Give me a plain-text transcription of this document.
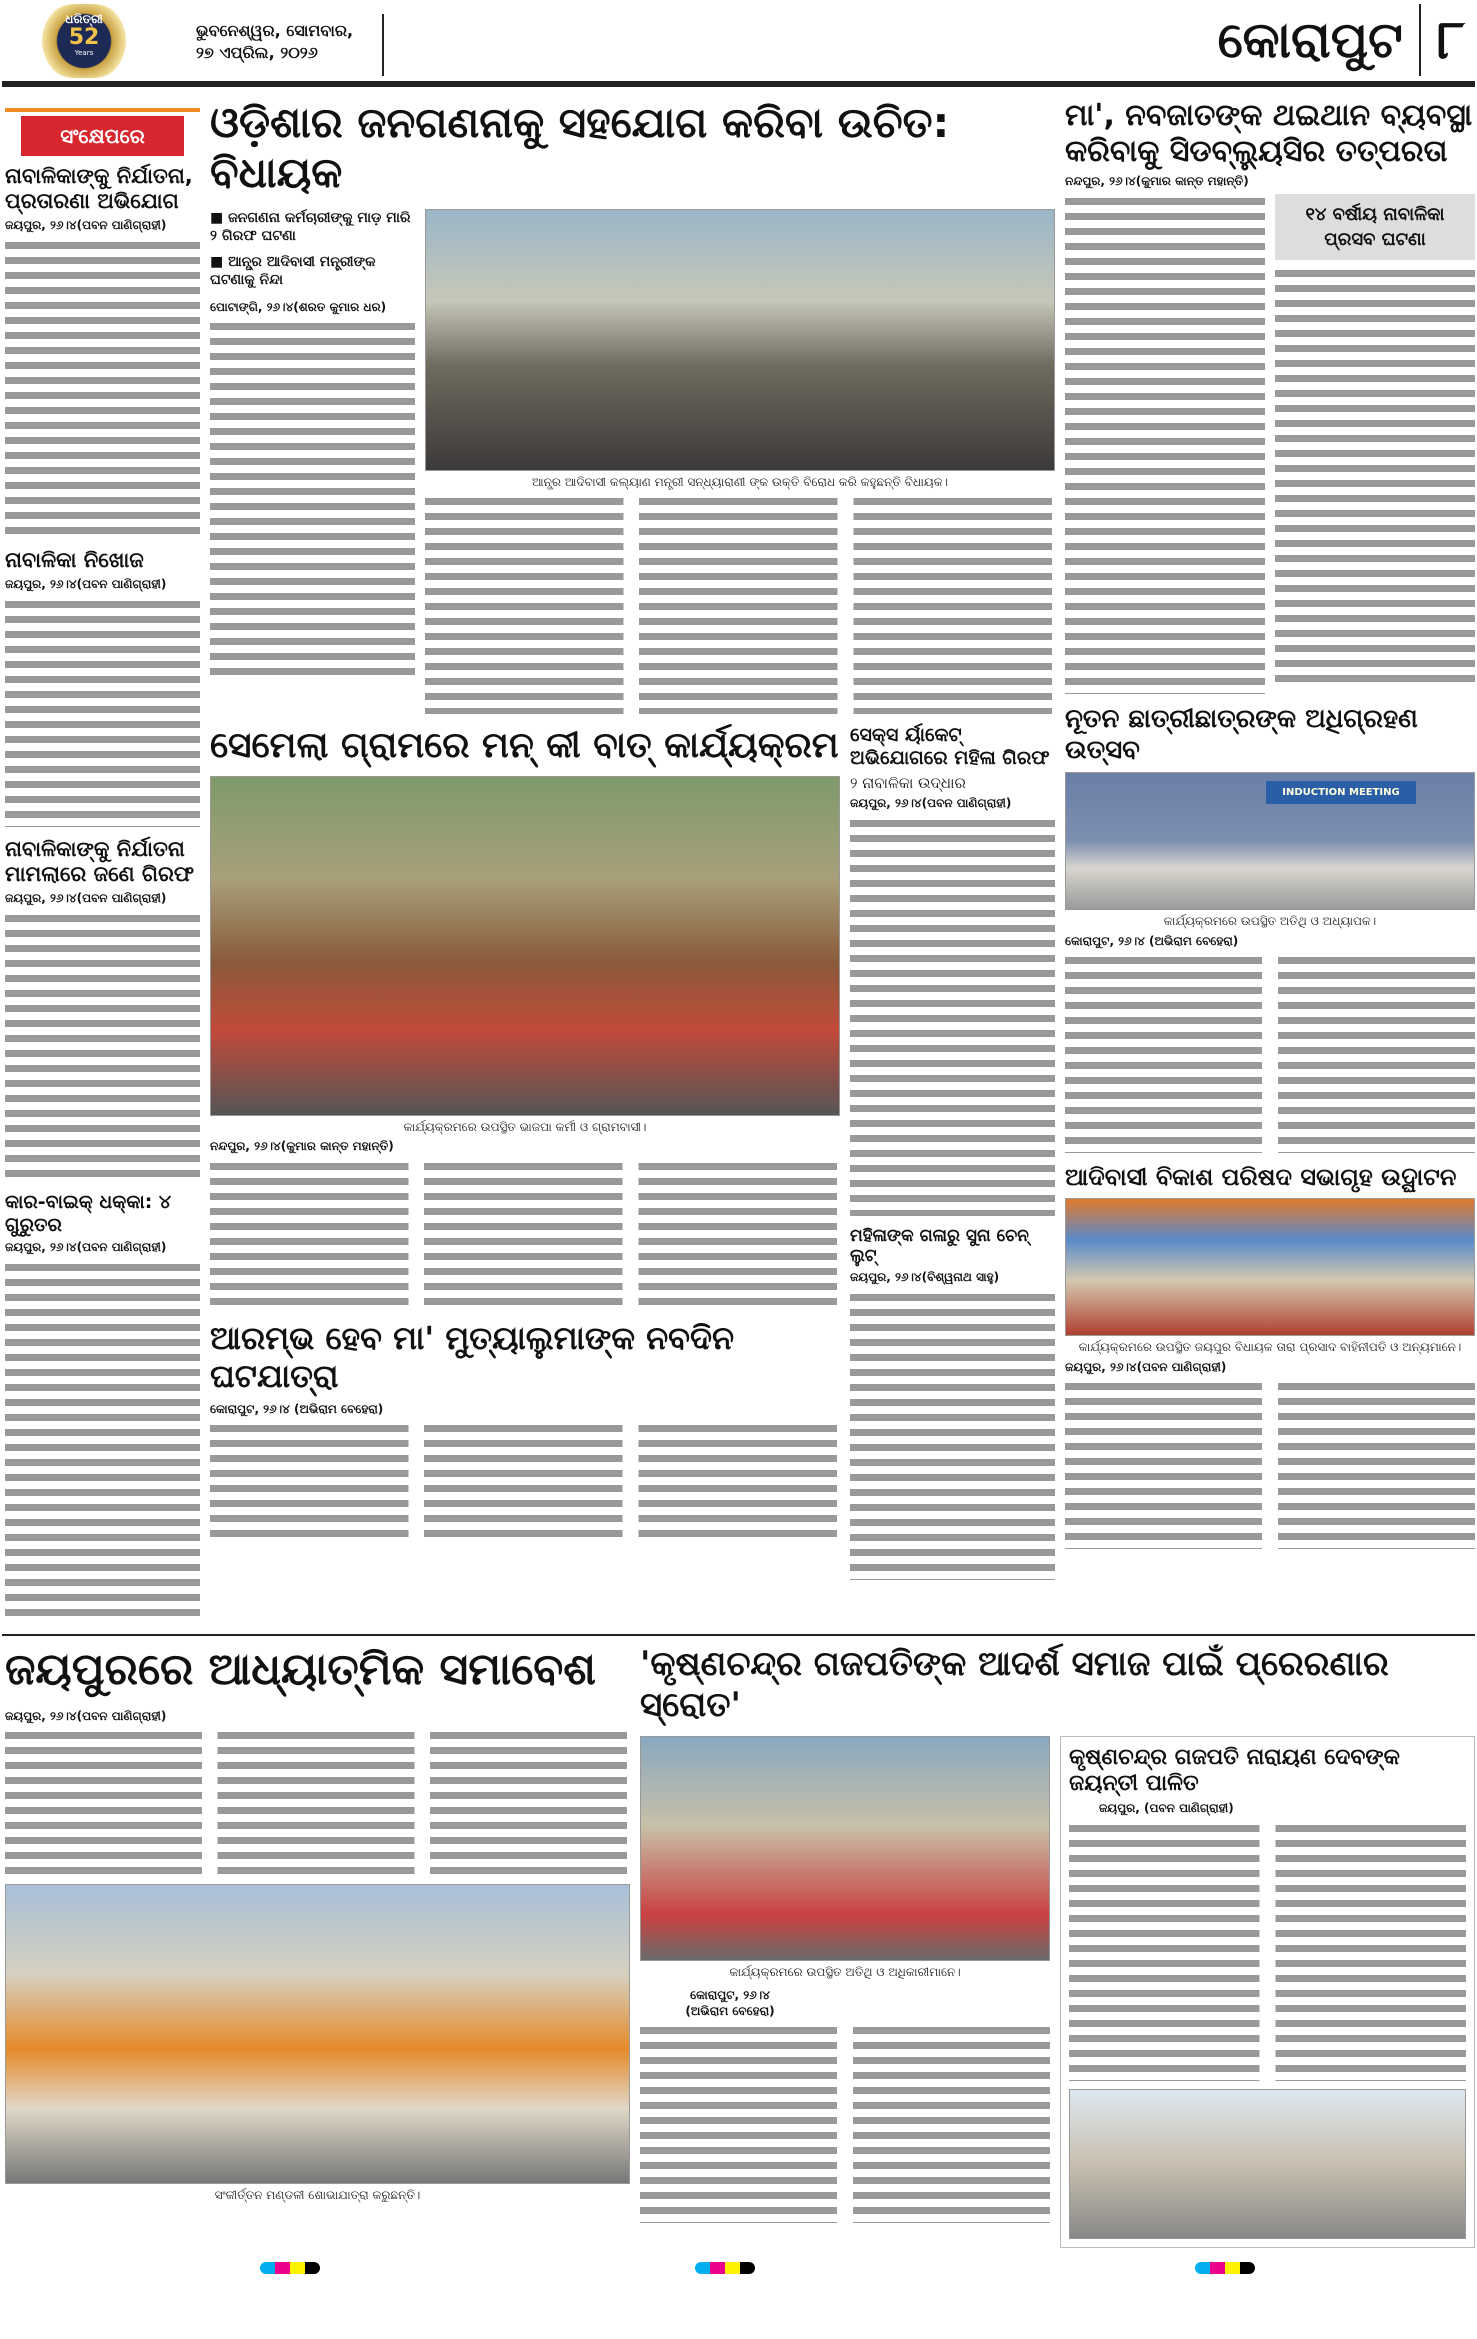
ଧରିତ୍ରୀ
52
Years
ଭୁବନେଶ୍ୱର, ସୋମବାର,
୨୭ ଏପ୍ରିଲ, ୨୦୨୬	କୋରାପୁଟ ୮
ସଂକ୍ଷେପରେ
ନାବାଳିକାଙ୍କୁ ନିର୍ଯାତନା, ପ୍ରତାରଣା ଅଭିଯୋଗ
ଜୟପୁର, ୨୬।୪(ପବନ ପାଣିଗ୍ରାହୀ)
ନାବାଳିକା ନିଖୋଜ
ଜୟପୁର, ୨୬।୪(ପବନ ପାଣିଗ୍ରାହୀ)
ନାବାଳିକାଙ୍କୁ ନିର୍ଯାତନା ମାମଲାରେ ଜଣେ ଗିରଫ
ଜୟପୁର, ୨୬।୪(ପବନ ପାଣିଗ୍ରାହୀ)
କାର-ବାଇକ୍ ଧକ୍କା: ୪ ଗୁରୁତର
ଜୟପୁର, ୨୬।୪(ପବନ ପାଣିଗ୍ରାହୀ)
ଓଡ଼ିଶାର ଜନଗଣନାକୁ ସହଯୋଗ କରିବା ଉଚିତ: ବିଧାୟକ
■ ଜନଗଣନା କର୍ମଚାରୀଙ୍କୁ ମାଡ଼ ମାରି ୨ ଗିରଫ ଘଟଣା
■ ଆନ୍ଧ୍ର ଆଦିବାସୀ ମନ୍ତ୍ରୀଙ୍କ ଘଟଣାକୁ ନିନ୍ଦା
ପୋଟାଙ୍ଗି, ୨୬।୪(ଶରତ କୁମାର ଧର)
ଆନ୍ଧ୍ର ଆଦିବାସୀ କଲ୍ୟାଣ ମନ୍ତ୍ରୀ ସନ୍ଧ୍ୟାରାଣୀ ଙ୍କ ଉକ୍ତି ବିରୋଧ କରି କହୁଛନ୍ତି ବିଧାୟକ।
ସେମେଲା ଗ୍ରାମରେ ମନ୍ କୀ ବାତ୍ କାର୍ଯ୍ୟକ୍ରମ
କାର୍ଯ୍ୟକ୍ରମରେ ଉପସ୍ଥିତ ଭାଜପା କର୍ମୀ ଓ ଗ୍ରାମବାସୀ।
ନନ୍ଦପୁର, ୨୬।୪(କୁମାର କାନ୍ତ ମହାନ୍ତି)
ଆରମ୍ଭ ହେବ ମା' ମୁତ୍ୟାଲୁମାଙ୍କ ନବଦିନ ଘଟଯାତ୍ରା
କୋରାପୁଟ, ୨୬।୪ (ଅଭିରାମ ବେହେରା)
ସେକ୍ସ ର୍ୟାକେଟ୍ ଅଭିଯୋଗରେ ମହିଳା ଗିରଫ
୨ ନାବାଳିକା ଉଦ୍ଧାର
ଜୟପୁର, ୨୬।୪(ପବନ ପାଣିଗ୍ରାହୀ)
ମହିଳାଙ୍କ ଗଳାରୁ ସୁନା ଚେନ୍ ଲୁଟ୍
ଜୟପୁର, ୨୬।୪(ବିଶ୍ୱନାଥ ସାହୁ)
ମା', ନବଜାତଙ୍କ ଥଇଥାନ ବ୍ୟବସ୍ଥା କରିବାକୁ ସିଡବ୍ଲ୍ୟୁସିର ତତ୍ପରତା
ନନ୍ଦପୁର, ୨୬।୪(କୁମାର କାନ୍ତ ମହାନ୍ତି)
୧୪ ବର୍ଷୀୟ ନାବାଳିକା ପ୍ରସବ ଘଟଣା
ନୂତନ ଛାତ୍ରୀଛାତ୍ରଙ୍କ ଅଧିଗ୍ରହଣ ଉତ୍ସବ
INDUCTION MEETING
କାର୍ଯ୍ୟକ୍ରମରେ ଉପସ୍ଥିତ ଅତିଥି ଓ ଅଧ୍ୟାପକ।
କୋରାପୁଟ, ୨୬।୪ (ଅଭିରାମ ବେହେରା)
ଆଦିବାସୀ ବିକାଶ ପରିଷଦ ସଭାଗୃହ ଉଦ୍ଘାଟନ
କାର୍ଯ୍ୟକ୍ରମରେ ଉପସ୍ଥିତ ଜୟପୁର ବିଧାୟକ ତାରା ପ୍ରସାଦ ବାହିନୀପତି ଓ ଅନ୍ୟମାନେ।
ଜୟପୁର, ୨୬।୪(ପବନ ପାଣିଗ୍ରାହୀ)
ଜୟପୁରରେ ଆଧ୍ୟାତ୍ମିକ ସମାବେଶ
ଜୟପୁର, ୨୬।୪(ପବନ ପାଣିଗ୍ରାହୀ)
ସଂକୀର୍ତ୍ତନ ମଣ୍ଡଳୀ ଶୋଭାଯାତ୍ରା କରୁଛନ୍ତି।
'କୃଷ୍ଣଚନ୍ଦ୍ର ଗଜପତିଙ୍କ ଆଦର୍ଶ ସମାଜ ପାଇଁ ପ୍ରେରଣାର ସ୍ରୋତ'
କାର୍ଯ୍ୟକ୍ରମରେ ଉପସ୍ଥିତ ଅତିଥି ଓ ଅଧିକାରୀମାନେ।
କୋରାପୁଟ, ୨୬।୪
(ଅଭିରାମ ବେହେରା)
କୃଷ୍ଣଚନ୍ଦ୍ର ଗଜପତି ନାରାୟଣ ଦେବଙ୍କ ଜୟନ୍ତୀ ପାଳିତ
ଜୟପୁର, (ପବନ ପାଣିଗ୍ରାହୀ)
